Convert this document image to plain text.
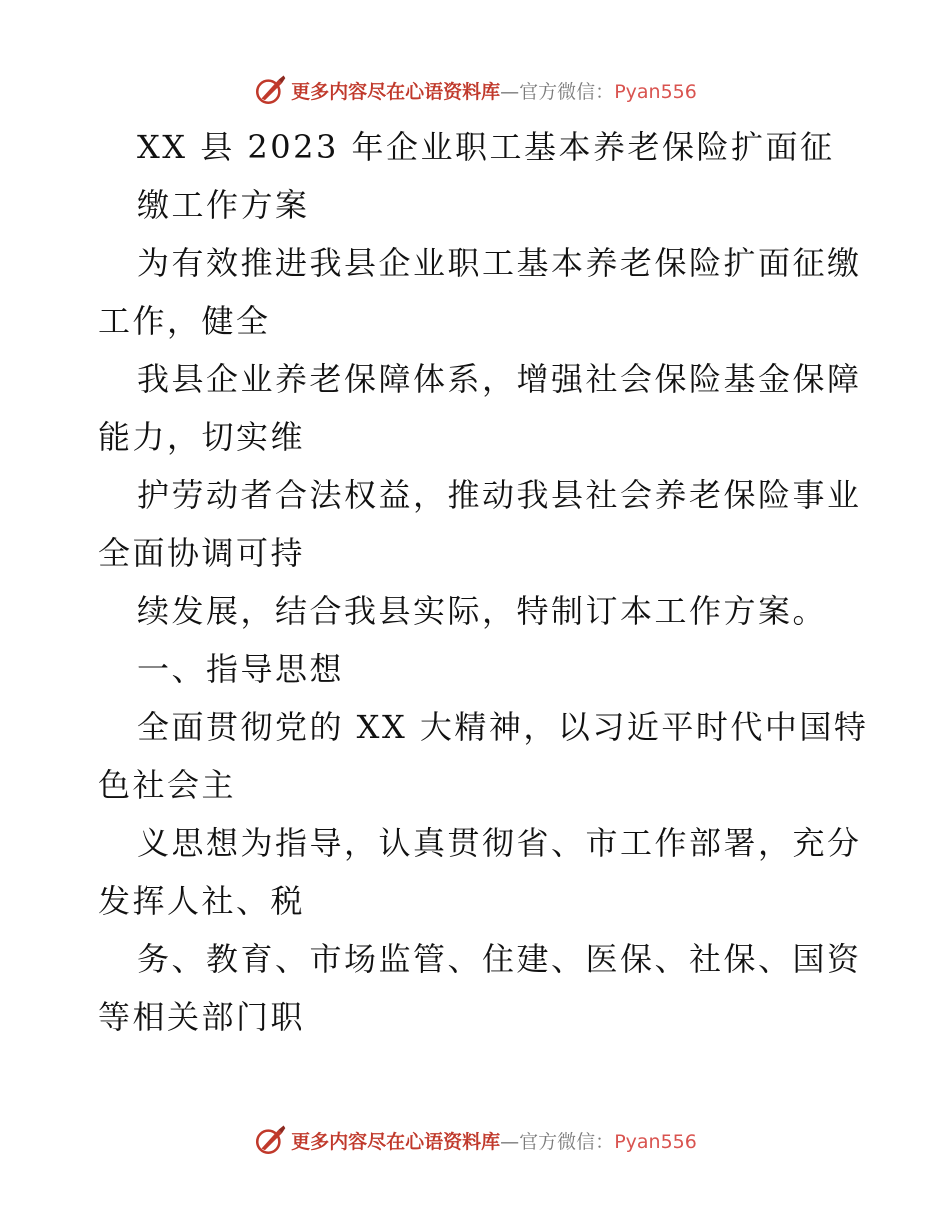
更多内容尽在心语资料库—官方微信：Pyan556
XX 县 2023 年企业职工基本养老保险扩面征
缴工作方案
为有效推进我县企业职工基本养老保险扩面征缴
工作，健全
我县企业养老保障体系，增强社会保险基金保障
能力，切实维
护劳动者合法权益，推动我县社会养老保险事业
全面协调可持
续发展，结合我县实际，特制订本工作方案。
一、指导思想
全面贯彻党的 XX 大精神，以习近平时代中国特
色社会主
义思想为指导，认真贯彻省、市工作部署，充分
发挥人社、税
务、教育、市场监管、住建、医保、社保、国资
等相关部门职
更多内容尽在心语资料库—官方微信：Pyan556
